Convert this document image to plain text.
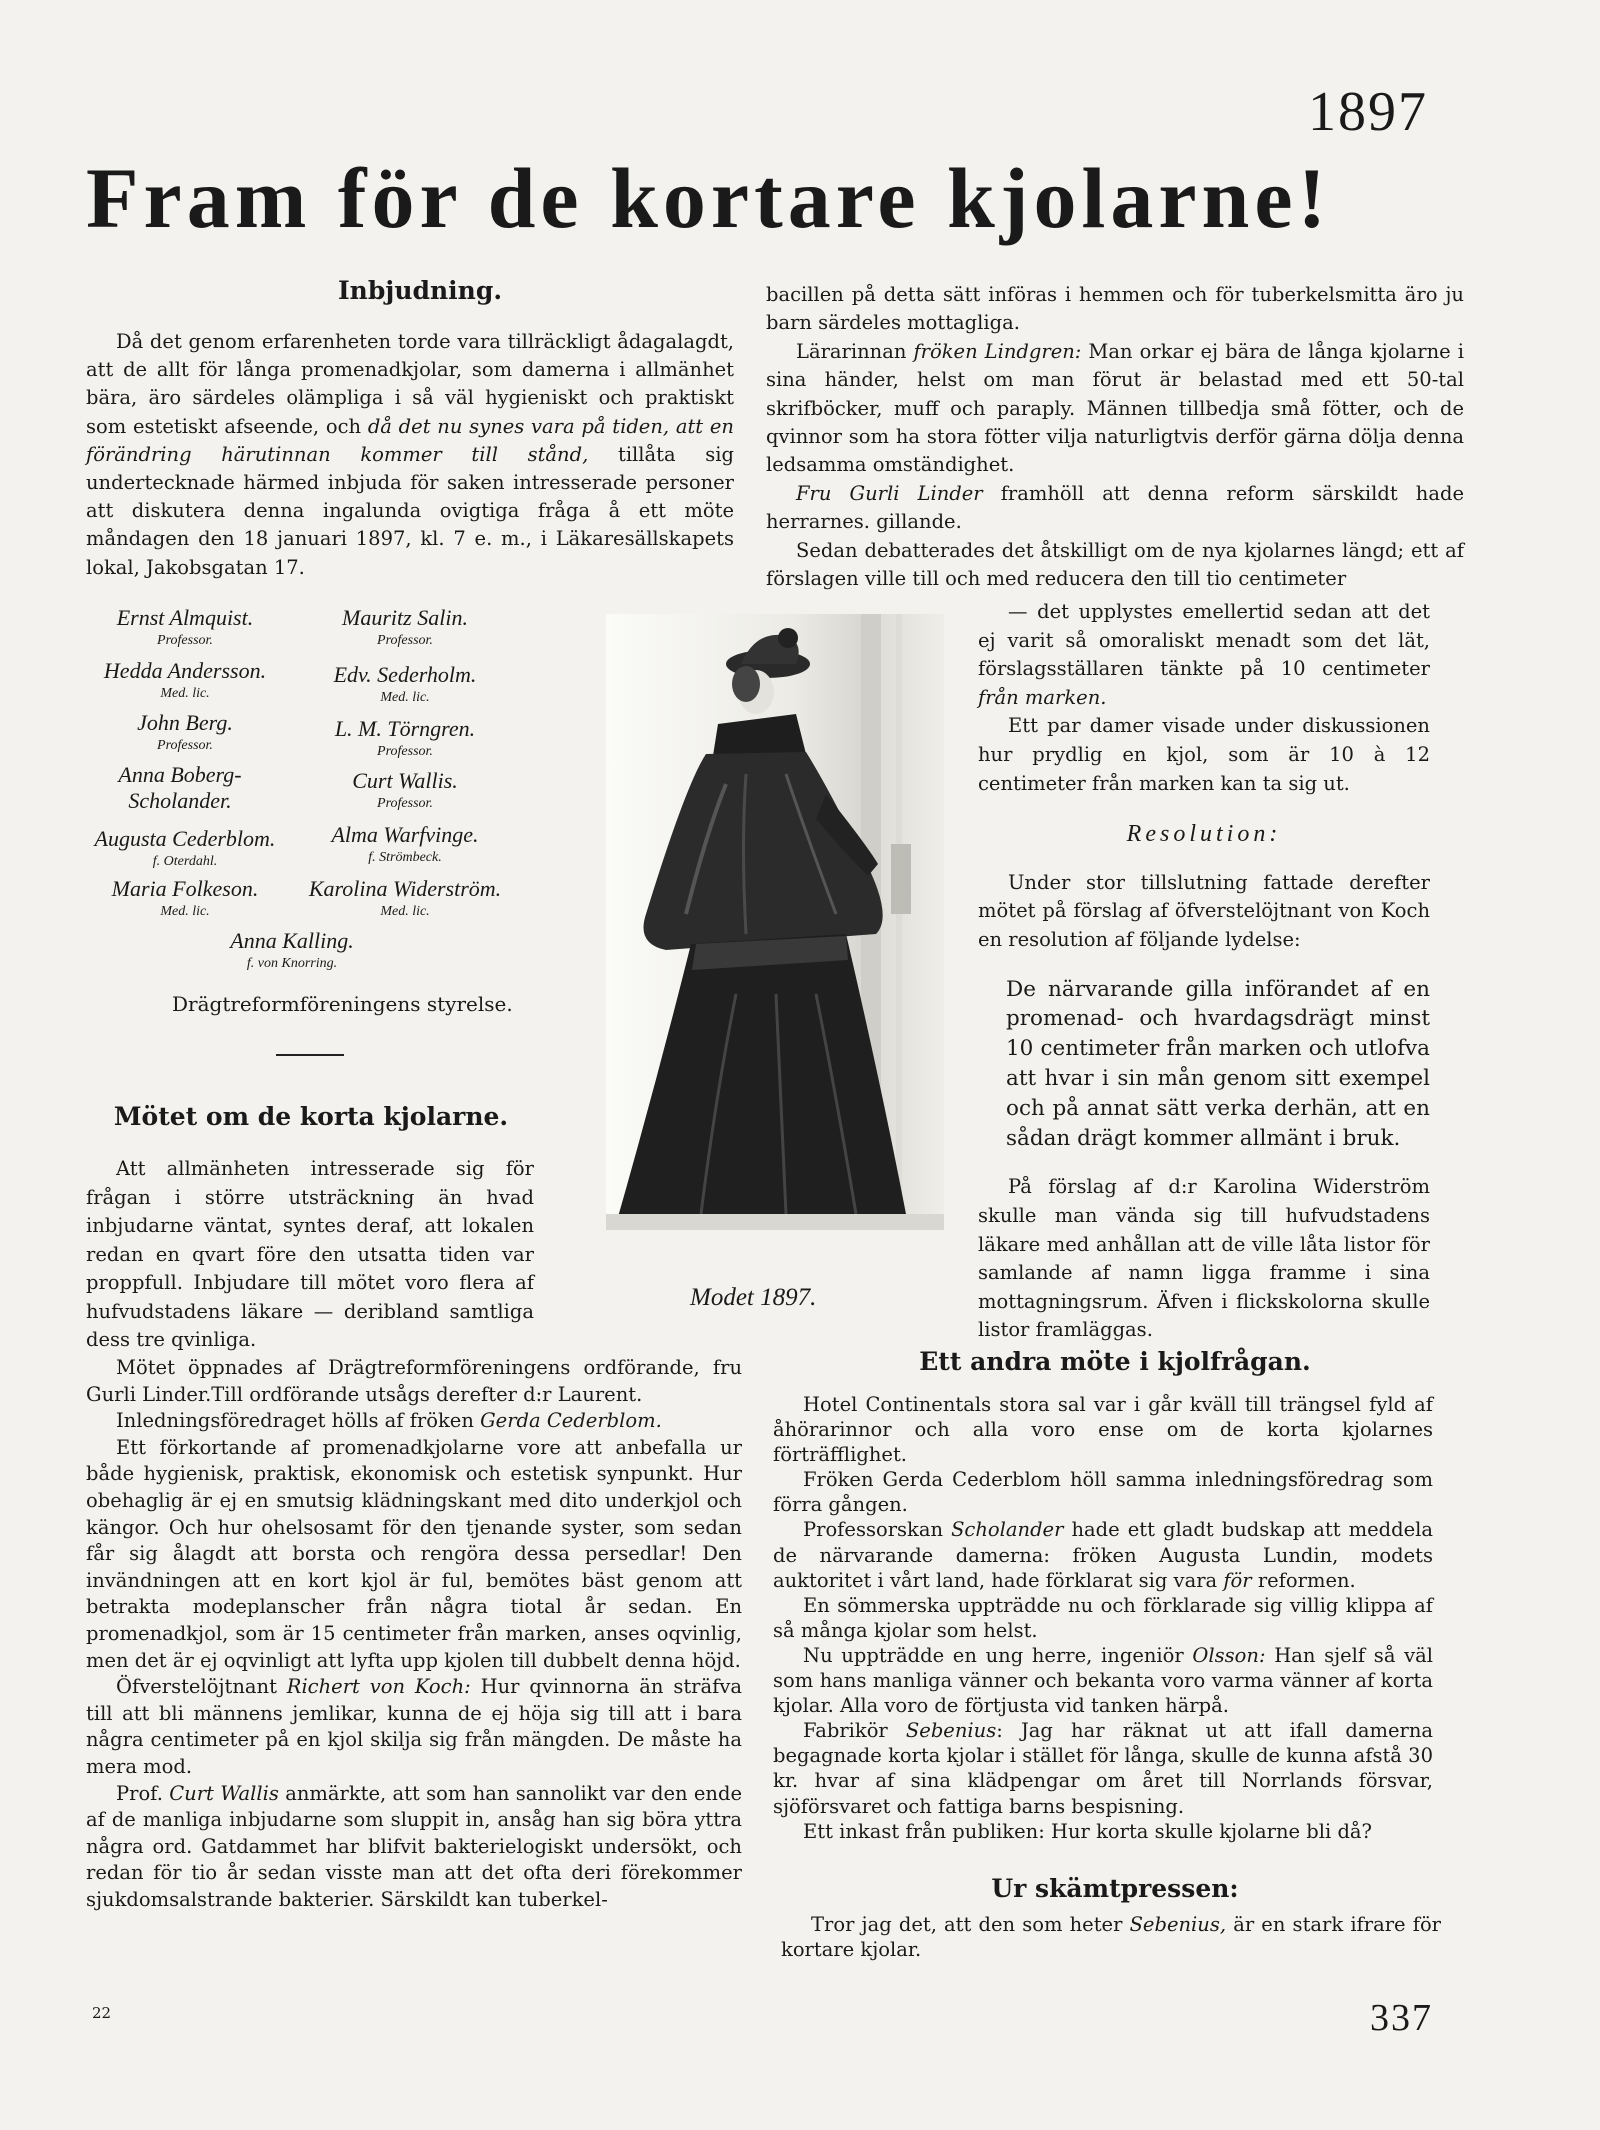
1897
Fram för de kortare kjolarne!

Inbjudning.

Då det genom erfarenheten torde vara tillräckligt ådagalagdt, att de allt för långa promenadkjolar, som damerna i allmänhet bära, äro särdeles olämpliga i så väl hygieniskt och praktiskt som estetiskt afseende, och då det nu synes vara på tiden, att en förändring härutinnan kommer till stånd, tillåta sig undertecknade härmed inbjuda för saken intresserade personer att diskutera denna ingalunda ovigtiga fråga å ett möte måndagen den 18 januari 1897, kl. 7 e. m., i Läkaresällskapets lokal, Jakobsgatan 17.

Ernst Almquist.
Professor.
Mauritz Salin.
Professor.
Hedda Andersson.
Med. lic.
Edv. Sederholm.
Med. lic.
John Berg.
Professor.
L. M. Törngren.
Professor.
Anna Boberg-Scholander.
Curt Wallis.
Professor.
Augusta Cederblom.
f. Oterdahl.
Alma Warfvinge.
f. Strömbeck.
Maria Folkeson.
Med. lic.
Karolina Widerström.
Med. lic.
Anna Kalling.
f. von Knorring.
Drägtreformföreningens styrelse.
Mötet om de korta kjolarne.

Att allmänheten intresserade sig för frågan i större utsträckning än hvad inbjudarne väntat, syntes deraf, att lokalen redan en qvart före den utsatta tiden var proppfull. Inbjudare till mötet voro flera af hufvudstadens läkare — deribland samtliga dess tre qvinliga.

Mötet öppnades af Drägtreformföreningens ordförande, fru Gurli Linder.Till ordförande utsågs derefter d:r Laurent.

Inledningsföredraget hölls af fröken Gerda Cederblom.

Ett förkortande af promenadkjolarne vore att anbefalla ur både hygienisk, praktisk, ekonomisk och estetisk synpunkt. Hur obehaglig är ej en smutsig klädningskant med dito underkjol och kängor. Och hur ohelsosamt för den tjenande syster, som sedan får sig ålagdt att borsta och rengöra dessa persedlar! Den invändningen att en kort kjol är ful, bemötes bäst genom att betrakta modeplanscher från några tiotal år sedan. En promenadkjol, som är 15 centimeter från marken, anses oqvinlig, men det är ej oqvinligt att lyfta upp kjolen till dubbelt denna höjd.

Öfverstelöjtnant Richert von Koch: Hur qvinnorna än sträfva till att bli männens jemlikar, kunna de ej höja sig till att i bara några centimeter på en kjol skilja sig från mängden. De måste ha mera mod.

Prof. Curt Wallis anmärkte, att som han sannolikt var den ende af de manliga inbjudarne som sluppit in, ansåg han sig böra yttra några ord. Gatdammet har blifvit bakterielogiskt undersökt, och redan för tio år sedan visste man att det ofta deri förekommer sjukdomsalstrande bakterier. Särskildt kan tuberkel-

Modet 1897.

bacillen på detta sätt införas i hemmen och för tuberkelsmitta äro ju barn särdeles mottagliga.

Lärarinnan fröken Lindgren: Man orkar ej bära de långa kjolarne i sina händer, helst om man förut är belastad med ett 50-tal skrifböcker, muff och paraply. Männen tillbedja små fötter, och de qvinnor som ha stora fötter vilja naturligtvis derför gärna dölja denna ledsamma omständighet.

Fru Gurli Linder framhöll att denna reform särskildt hade herrarnes. gillande.

Sedan debatterades det åtskilligt om de nya kjolarnes längd; ett af förslagen ville till och med reducera den till tio centimeter

— det upplystes emellertid sedan att det ej varit så omoraliskt menadt som det lät, förslagsställaren tänkte på 10 centimeter från marken.

Ett par damer visade under diskussionen hur prydlig en kjol, som är 10 à 12 centimeter från marken kan ta sig ut.

Resolution:

Under stor tillslutning fattade derefter mötet på förslag af öfverstelöjtnant von Koch en resolution af följande lydelse:

De närvarande gilla införandet af en promenad- och hvardagsdrägt minst 10 centimeter från marken och utlofva att hvar i sin mån genom sitt exempel och på annat sätt verka derhän, att en sådan drägt kommer allmänt i bruk.

På förslag af d:r Karolina Widerström skulle man vända sig till hufvudstadens läkare med anhållan att de ville låta listor för samlande af namn ligga framme i sina mottagningsrum. Äfven i flickskolorna skulle listor framläggas.

Ett andra möte i kjolfrågan.

Hotel Continentals stora sal var i går kväll till trängsel fyld af åhörarinnor och alla voro ense om de korta kjolarnes förträfflighet.

Fröken Gerda Cederblom höll samma inledningsföredrag som förra gången.

Professorskan Scholander hade ett gladt budskap att meddela de närvarande damerna: fröken Augusta Lundin, modets auktoritet i vårt land, hade förklarat sig vara för reformen.

En sömmerska uppträdde nu och förklarade sig villig klippa af så många kjolar som helst.

Nu uppträdde en ung herre, ingeniör Olsson: Han sjelf så väl som hans manliga vänner och bekanta voro varma vänner af korta kjolar. Alla voro de förtjusta vid tanken härpå.

Fabrikör Sebenius: Jag har räknat ut att ifall damerna begagnade korta kjolar i stället för långa, skulle de kunna afstå 30 kr. hvar af sina klädpengar om året till Norrlands försvar, sjöförsvaret och fattiga barns bespisning.

Ett inkast från publiken: Hur korta skulle kjolarne bli då?

Ur skämtpressen:

Tror jag det, att den som heter Sebenius, är en stark ifrare för kortare kjolar.

22	337
